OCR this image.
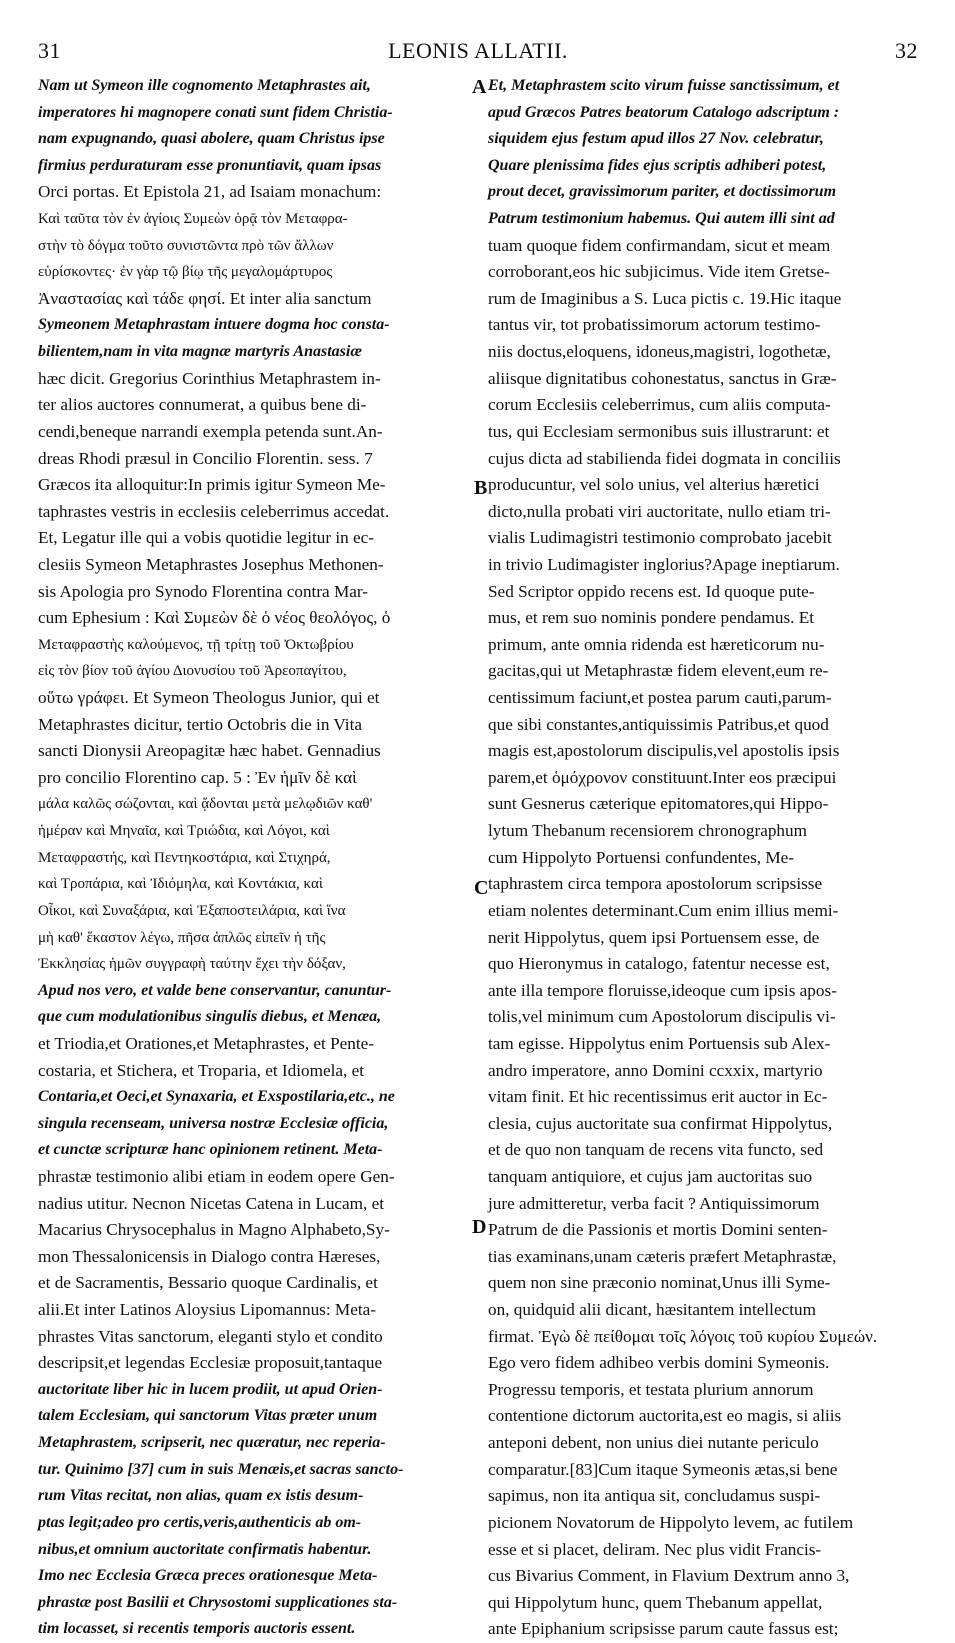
31	LEONIS ALLATII.	32
Nam ut Symeon ille cognomento Metaphrastes ait,
imperatores hi magnopere conati sunt fidem Christia-
nam expugnando, quasi abolere, quam Christus ipse
firmius perduraturam esse pronuntiavit, quam ipsas
Orci portas. Et Epistola 21, ad Isaiam monachum:
Καὶ ταῦτα τὸν ἐν ἁγίοις Συμεὼν ὁρᾷ τὸν Μεταφρα-
στὴν τὸ δόγμα τοῦτο συνιστῶντα πρὸ τῶν ἄλλων
εὑρίσκοντες· ἐν γὰρ τῷ βίῳ τῆς μεγαλομάρτυρος
Ἀναστασίας καὶ τάδε φησί. Et inter alia sanctum
Symeonem Metaphrastam intuere dogma hoc consta-
bilientem,nam in vita magnæ martyris Anastasiæ
hæc dicit. Gregorius Corinthius Metaphrastem in-
ter alios auctores connumerat, a quibus bene di-
cendi,beneque narrandi exempla petenda sunt.An-
dreas Rhodi præsul in Concilio Florentin. sess. 7
Græcos ita alloquitur:In primis igitur Symeon Me-
taphrastes vestris in ecclesiis celeberrimus accedat.
Et, Legatur ille qui a vobis quotidie legitur in ec-
clesiis Symeon Metaphrastes Josephus Methonen-
sis Apologia pro Synodo Florentina contra Mar-
cum Ephesium : Καὶ Συμεὼν δὲ ὁ νέος θεολόγος, ὁ
Μεταφραστὴς καλούμενος, τῇ τρίτῃ τοῦ Ὀκτωβρίου
εἰς τὸν βίον τοῦ ἁγίου Διονυσίου τοῦ Ἀρεοπαγίτου,
οὕτω γράφει. Et Symeon Theologus Junior, qui et
Metaphrastes dicitur, tertio Octobris die in Vita
sancti Dionysii Areopagitæ hæc habet. Gennadius
pro concilio Florentino cap. 5 : Ἐν ἡμῖν δὲ καὶ
μάλα καλῶς σώζονται, καὶ ᾄδονται μετὰ μελῳδιῶν καθ'
ἡμέραν καὶ Μηναῖα, καὶ Τριώδια, καὶ Λόγοι, καὶ
Μεταφραστής, καὶ Πεντηκοστάρια, καὶ Στιχηρά,
καὶ Τροπάρια, καὶ Ἰδιόμηλα, καὶ Κοντάκια, καὶ
Οἶκοι, καὶ Συναξάρια, καὶ Ἐξαποστειλάρια, καὶ ἵνα
μὴ καθ' ἕκαστον λέγω, πῆσα ἁπλῶς εἰπεῖν ἡ τῆς
Ἐκκλησίας ἡμῶν συγγραφὴ ταύτην ἔχει τὴν δόξαν,
Apud nos vero, et valde bene conservantur, canuntur-
que cum modulationibus singulis diebus, et Menæa,
et Triodia,et Orationes,et Metaphrastes, et Pente-
costaria, et Stichera, et Troparia, et Idiomela, et
Contaria,et Oeci,et Synaxaria, et Exspostilaria,etc., ne
singula recenseam, universa nostræ Ecclesiæ officia,
et cunctæ scripturæ hanc opinionem retinent. Meta-
phrastæ testimonio alibi etiam in eodem opere Gen-
nadius utitur. Necnon Nicetas Catena in Lucam, et
Macarius Chrysocephalus in Magno Alphabeto,Sy-
mon Thessalonicensis in Dialogo contra Hæreses,
et de Sacramentis, Bessario quoque Cardinalis, et
alii.Et inter Latinos Aloysius Lipomannus: Meta-
phrastes Vitas sanctorum, eleganti stylo et condito
descripsit,et legendas Ecclesiæ proposuit,tantaque
auctoritate liber hic in lucem prodiit, ut apud Orien-
talem Ecclesiam, qui sanctorum Vitas præter unum
Metaphrastem, scripserit, nec quæratur, nec reperia-
tur. Quinimo [37] cum in suis Menæis,et sacras sancto-
rum Vitas recitat, non alias, quam ex istis desum-
ptas legit;adeo pro certis,veris,authenticis ab om-
nibus,et omnium auctoritate confirmatis habentur.
Imo nec Ecclesia Græca preces orationesque Meta-
phrastæ post Basilii et Chrysostomi supplicationes sta-
tim locasset, si recentis temporis auctoris essent.
Et, Metaphrastem scito virum fuisse sanctissimum, et
apud Græcos Patres beatorum Catalogo adscriptum :
siquidem ejus festum apud illos 27 Nov. celebratur,
Quare plenissima fides ejus scriptis adhiberi potest,
prout decet, gravissimorum pariter, et doctissimorum
Patrum testimonium habemus. Qui autem illi sint ad
tuam quoque fidem confirmandam, sicut et meam
corroborant,eos hic subjicimus. Vide item Gretse-
rum de Imaginibus a S. Luca pictis c. 19.Hic itaque
tantus vir, tot probatissimorum actorum testimo-
niis doctus,eloquens, idoneus,magistri, logothetæ,
aliisque dignitatibus cohonestatus, sanctus in Græ-
corum Ecclesiis celeberrimus, cum aliis computa-
tus, qui Ecclesiam sermonibus suis illustrarunt: et
cujus dicta ad stabilienda fidei dogmata in conciliis
producuntur, vel solo unius, vel alterius hæretici
dicto,nulla probati viri auctoritate, nullo etiam tri-
vialis Ludimagistri testimonio comprobato jacebit
in trivio Ludimagister inglorius?Apage ineptiarum.
Sed Scriptor oppido recens est. Id quoque pute-
mus, et rem suo nominis pondere pendamus. Et
primum, ante omnia ridenda est hæreticorum nu-
gacitas,qui ut Metaphrastæ fidem elevent,eum re-
centissimum faciunt,et postea parum cauti,parum-
que sibi constantes,antiquissimis Patribus,et quod
magis est,apostolorum discipulis,vel apostolis ipsis
parem,et ὁμόχρονον constituunt.Inter eos præcipui
sunt Gesnerus cæterique epitomatores,qui Hippo-
lytum Thebanum recensiorem chronographum
cum Hippolyto Portuensi confundentes, Me-
taphrastem circa tempora apostolorum scripsisse
etiam nolentes determinant.Cum enim illius memi-
nerit Hippolytus, quem ipsi Portuensem esse, de
quo Hieronymus in catalogo, fatentur necesse est,
ante illa tempore floruisse,ideoque cum ipsis apos-
tolis,vel minimum cum Apostolorum discipulis vi-
tam egisse. Hippolytus enim Portuensis sub Alex-
andro imperatore, anno Domini ccxxix, martyrio
vitam finit. Et hic recentissimus erit auctor in Ec-
clesia, cujus auctoritate sua confirmat Hippolytus,
et de quo non tanquam de recens vita functo, sed
tanquam antiquiore, et cujus jam auctoritas suo
jure admitteretur, verba facit ? Antiquissimorum
Patrum de die Passionis et mortis Domini senten-
tias examinans,unam cæteris præfert Metaphrastæ,
quem non sine præconio nominat,Unus illi Syme-
on, quidquid alii dicant, hæsitantem intellectum
firmat. Ἐγὼ δὲ πείθομαι τοῖς λόγοις τοῦ κυρίου Συμεών.
Ego vero fidem adhibeo verbis domini Symeonis.
Progressu temporis, et testata plurium annorum
contentione dictorum auctorita,est eo magis, si aliis
anteponi debent, non unius diei nutante periculo
comparatur.[83]Cum itaque Symeonis ætas,si bene
sapimus, non ita antiqua sit, concludamus suspi-
picionem Novatorum de Hippolyto levem, ac futilem
esse et si placet, deliram. Nec plus vidit Francis-
cus Bivarius Comment, in Flavium Dextrum anno 3,
qui Hippolytum hunc, quem Thebanum appellat,
ante Epiphanium scripsisse parum caute fassus est;
A
B
C
D
